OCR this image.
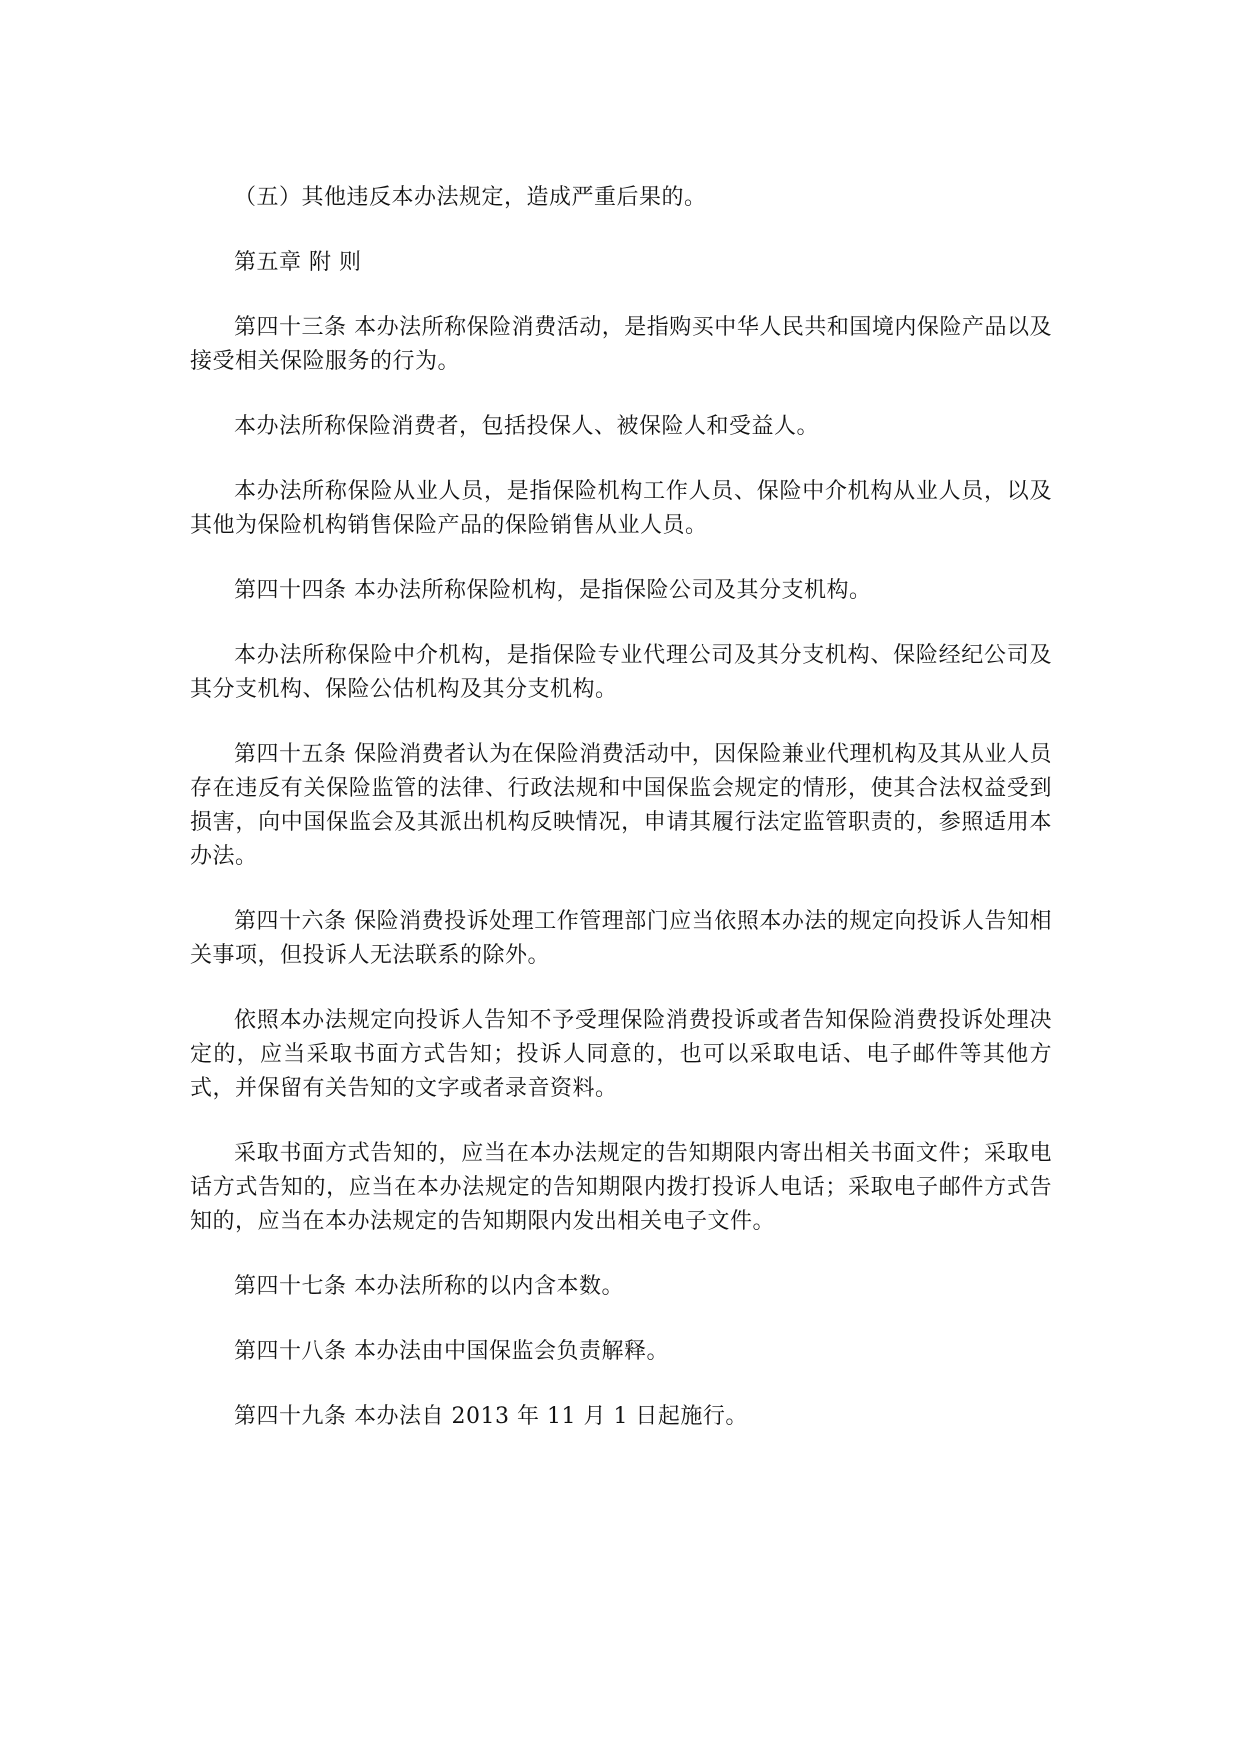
（五）其他违反本办法规定，造成严重后果的。

第五章 附 则

第四十三条 本办法所称保险消费活动，是指购买中华人民共和国境内保险产品以及接受相关保险服务的行为。

本办法所称保险消费者，包括投保人、被保险人和受益人。

本办法所称保险从业人员，是指保险机构工作人员、保险中介机构从业人员，以及其他为保险机构销售保险产品的保险销售从业人员。

第四十四条 本办法所称保险机构，是指保险公司及其分支机构。

本办法所称保险中介机构，是指保险专业代理公司及其分支机构、保险经纪公司及其分支机构、保险公估机构及其分支机构。

第四十五条 保险消费者认为在保险消费活动中，因保险兼业代理机构及其从业人员存在违反有关保险监管的法律、行政法规和中国保监会规定的情形，使其合法权益受到损害，向中国保监会及其派出机构反映情况，申请其履行法定监管职责的，参照适用本办法。

第四十六条 保险消费投诉处理工作管理部门应当依照本办法的规定向投诉人告知相关事项，但投诉人无法联系的除外。

依照本办法规定向投诉人告知不予受理保险消费投诉或者告知保险消费投诉处理决定的，应当采取书面方式告知；投诉人同意的，也可以采取电话、电子邮件等其他方式，并保留有关告知的文字或者录音资料。

采取书面方式告知的，应当在本办法规定的告知期限内寄出相关书面文件；采取电话方式告知的，应当在本办法规定的告知期限内拨打投诉人电话；采取电子邮件方式告知的，应当在本办法规定的告知期限内发出相关电子文件。

第四十七条 本办法所称的以内含本数。

第四十八条 本办法由中国保监会负责解释。

第四十九条 本办法自 2013 年 11 月 1 日起施行。
